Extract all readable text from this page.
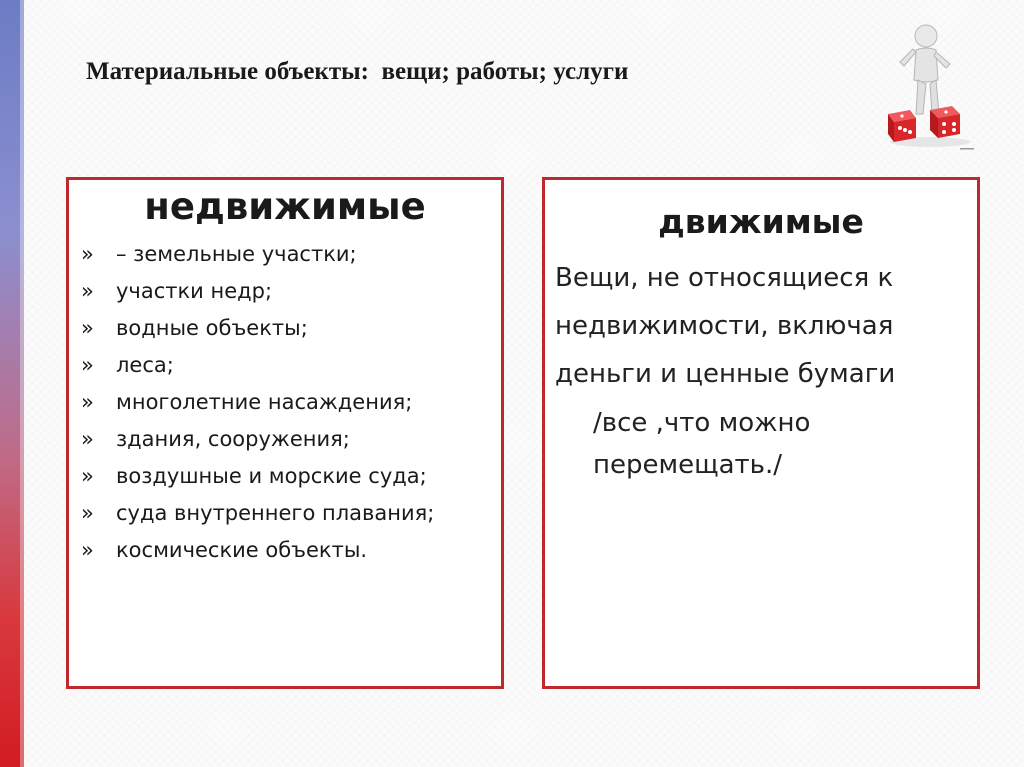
Материальные объекты:  вещи; работы; услуги
недвижимые
» – земельные участки;
» участки недр;
» водные объекты;
» леса;
» многолетние насаждения;
» здания, сооружения;
» воздушные и морские суда;
» суда внутреннего плавания;
» космические объекты.
движимые
Вещи, не относящиеся к недвижимости, включая деньги и ценные бумаги
/все ,что можно перемещать./
